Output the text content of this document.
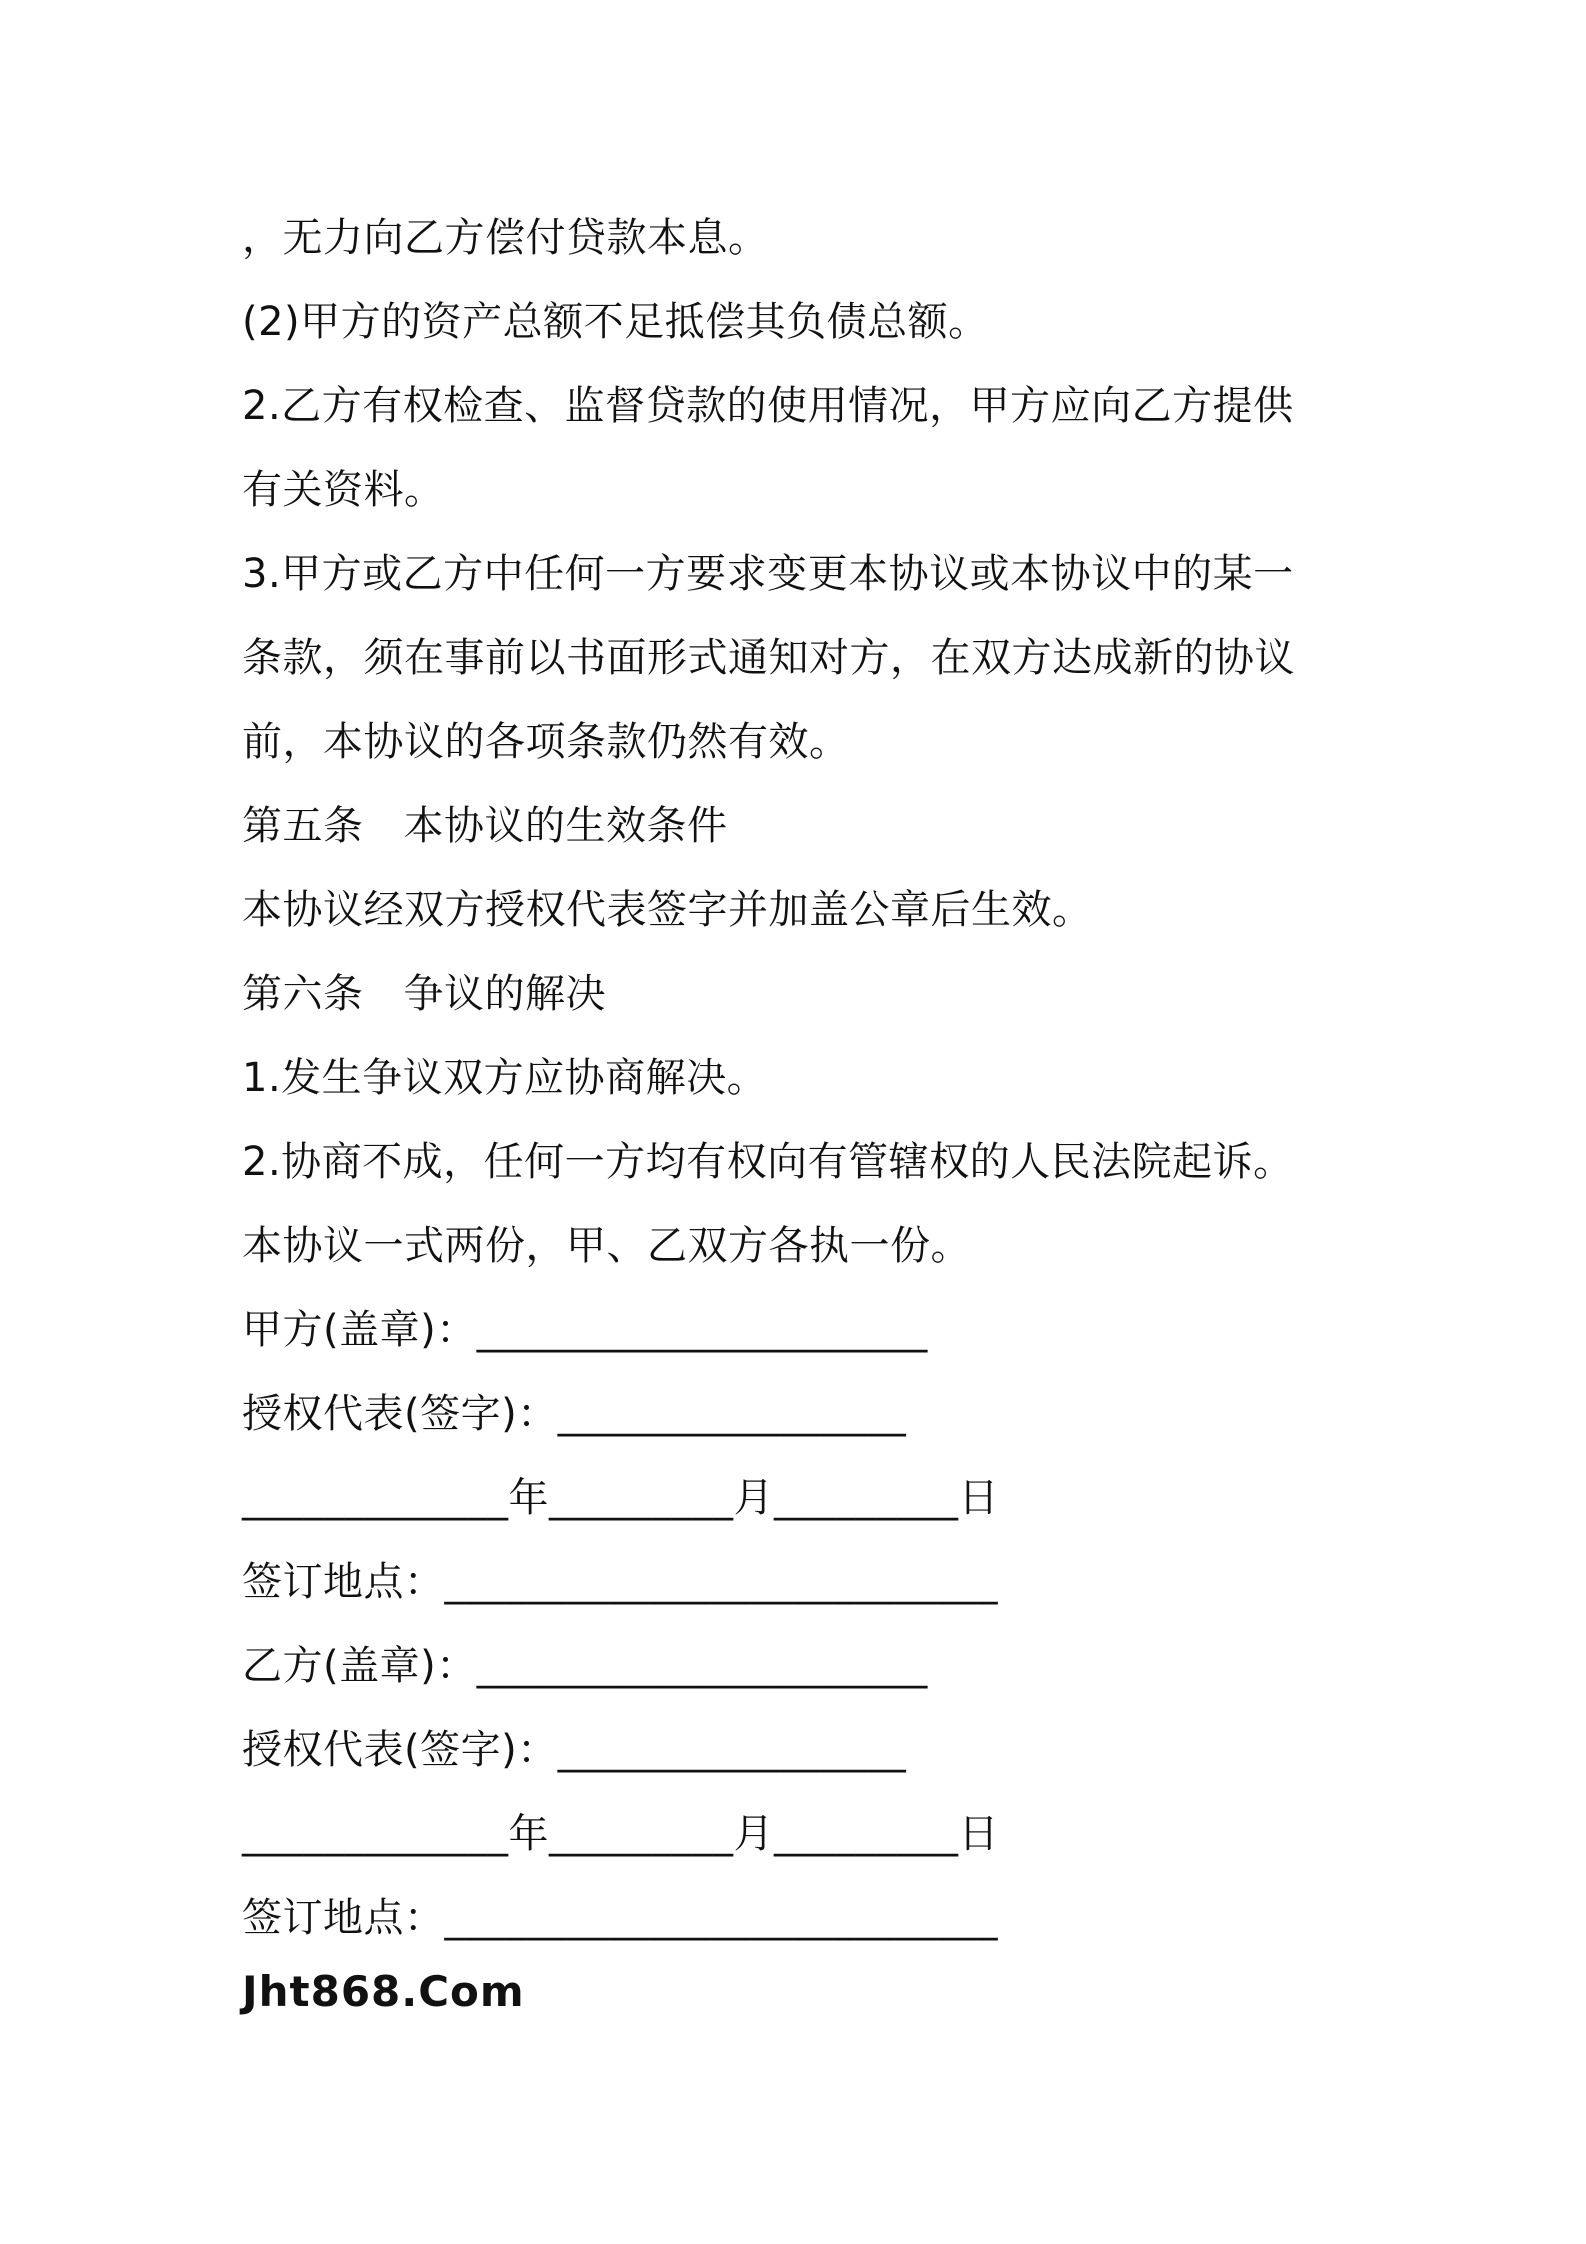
，无力向乙方偿付贷款本息。
(2)甲方的资产总额不足抵偿其负债总额。
2.乙方有权检查、监督贷款的使用情况，甲方应向乙方提供
有关资料。
3.甲方或乙方中任何一方要求变更本协议或本协议中的某一
条款，须在事前以书面形式通知对方，在双方达成新的协议
前，本协议的各项条款仍然有效。
第五条 本协议的生效条件
本协议经双方授权代表签字并加盖公章后生效。
第六条 争议的解决
1.发生争议双方应协商解决。
2.协商不成，任何一方均有权向有管辖权的人民法院起诉。
本协议一式两份，甲、乙双方各执一份。
甲方(盖章)：______________________
授权代表(签字)：_________________
_____________年_________月_________日
签订地点：___________________________
乙方(盖章)：______________________
授权代表(签字)：_________________
_____________年_________月_________日
签订地点：___________________________
Jht868.Com
